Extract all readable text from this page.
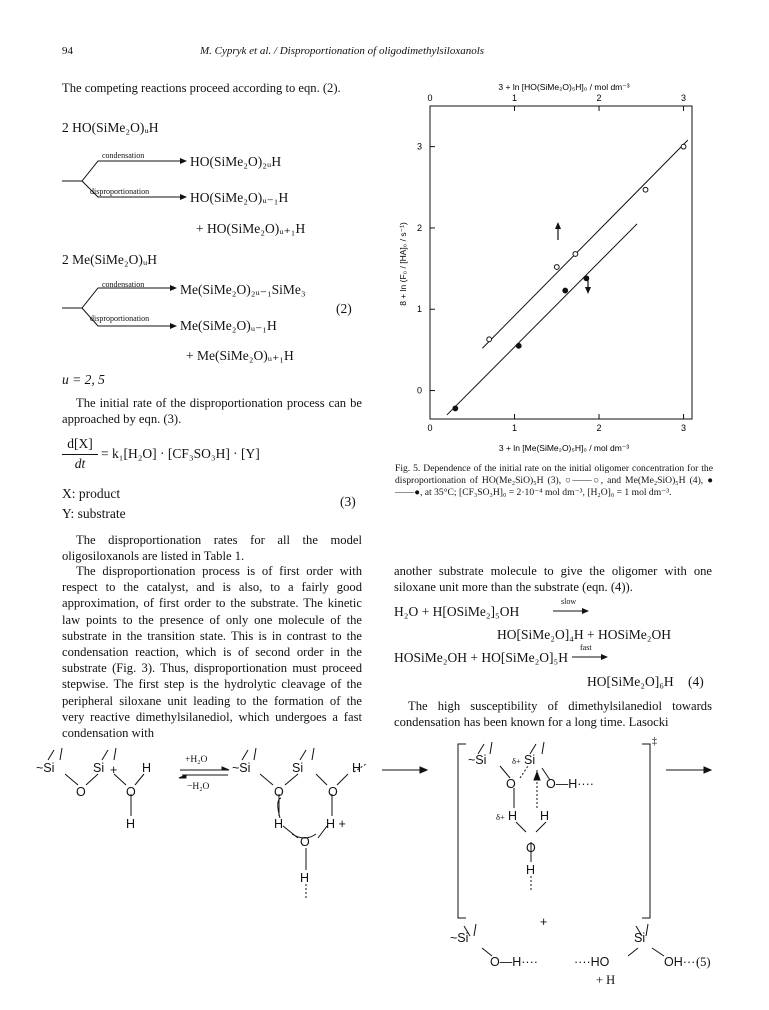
94	M. Cypryk et al. / Disproportionation of oligodimethylsiloxanols
The competing reactions proceed according to eqn. (2).
2 HO(SiMe₂O)ᵤH
condensation	HO(SiMe₂O)₂ᵤH
disproportionation	HO(SiMe₂O)ᵤ₋₁H
+ HO(SiMe₂O)ᵤ₊₁H
2 Me(SiMe₂O)ᵤH
condensation	Me(SiMe₂O)₂ᵤ₋₁SiMe₃
(2)
disproportionation Me(SiMe₂O)ᵤ₋₁H
+ Me(SiMe₂O)ᵤ₊₁H
u = 2, 5
The initial rate of the disproportionation process can be approached by eqn. (3).
d[X]
dt
= k₁[H₂O] · [CF₃SO₃H] · [Y]
X: product
Y: substrate
(3)
The disproportionation rates for all the model oligosiloxanols are listed in Table 1.
The disproportionation process is of first order with respect to the catalyst, and is also, to a fairly good approximation, of first order to the substrate. The kinetic law points to the presence of only one molecule of the substrate in the transition state. This is in contrast to the condensation reaction, which is of second order in the substrate (Fig. 3). Thus, disproportionation must proceed stepwise. The first step is the hydrolytic cleavage of the peripheral siloxane unit leading to the formation of the very reactive dimethylsilanediol, which undergoes a fast condensation with
3 + ln [HO(SiMe₂O)₅H]₀ / mol dm⁻³
3 + ln [Me(SiMe₂O)₅H]₀ / mol dm⁻³
8 + ln (F₀ / [HA]₀ / s⁻¹)
0	1	2	3
0	1	2	3
0
1
2
3
Fig. 5. Dependence of the initial rate on the initial oligomer concentration for the disproportionation of HO(Me₂SiO)₅H (3), ○——○, and Me(Me₂SiO)₅H (4), ●——●, at 35°C; [CF₃SO₃H]₀ = 2·10⁻⁴ mol dm⁻³, [H₂O]₀ = 1 mol dm⁻³.
another substrate molecule to give the oligomer with one siloxane unit more than the substrate (eqn. (4)).
H₂O + H[OSiMe₂]₅OH
slow
HO[SiMe₂O]₄H + HOSiMe₂OH
HOSiMe₂OH + HO[SiMe₂O]₅H
fast
HO[SiMe₂O]₆H (4)
The high susceptibility of dimethylsilanediol towards condensation has been known for a long time. Lasocki
~Si	Si
O	O
H
H
+	~Si	Si
O	O
H
H	H +
O
H
~Si	Si
O O—H····
H H
O
H
~Si
O—H····	····HO
Si
OH····
+
+H₂O
−H₂O
‡
δ+
δ+
(5)
+ H
